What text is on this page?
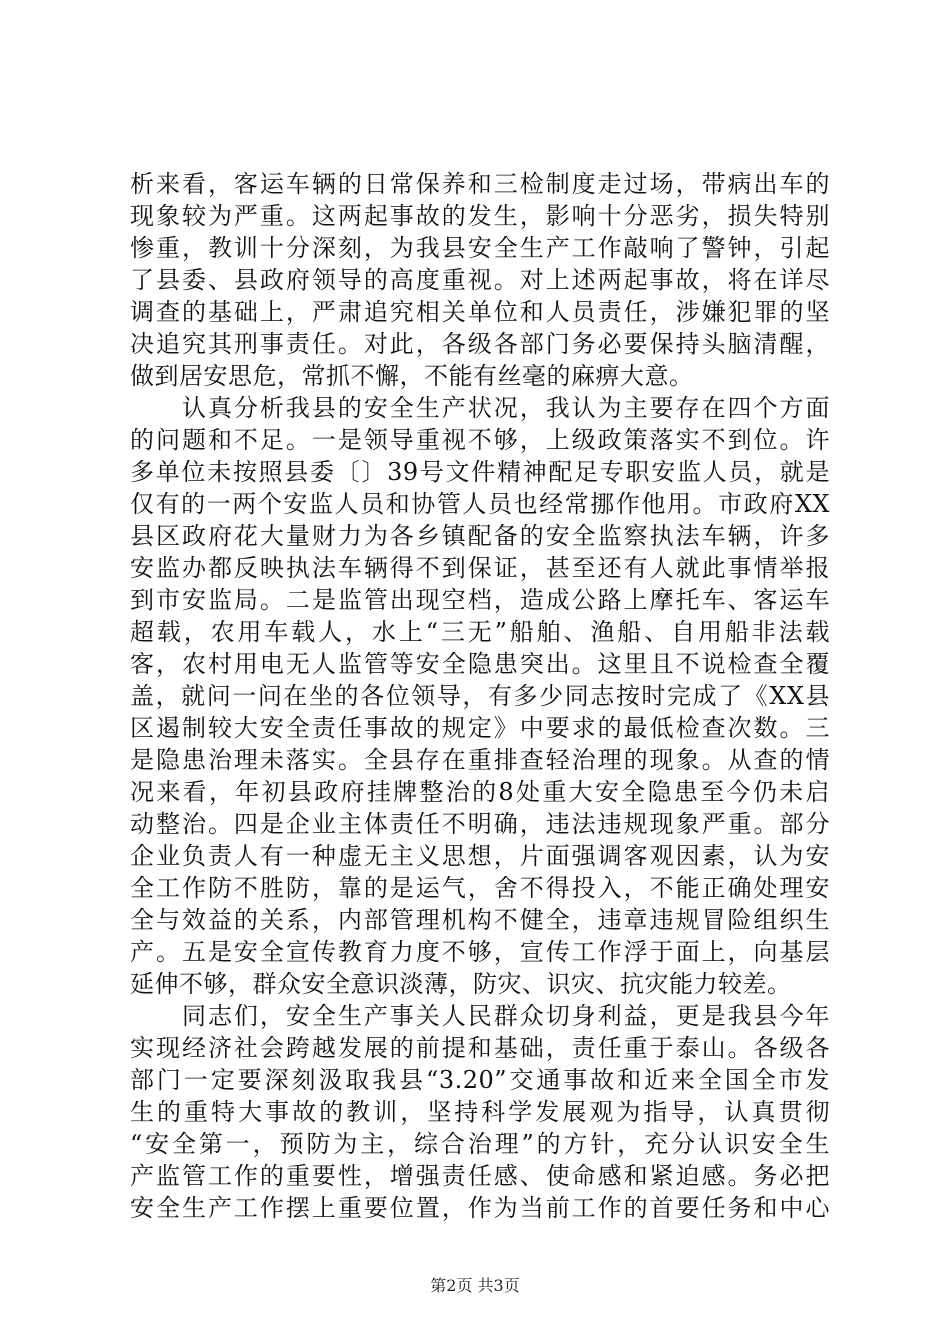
析来看，客运车辆的日常保养和三检制度走过场，带病出车的
现象较为严重。这两起事故的发生，影响十分恶劣，损失特别
惨重，教训十分深刻，为我县安全生产工作敲响了警钟，引起
了县委、县政府领导的高度重视。对上述两起事故，将在详尽
调查的基础上，严肃追究相关单位和人员责任，涉嫌犯罪的坚
决追究其刑事责任。对此，各级各部门务必要保持头脑清醒，
做到居安思危，常抓不懈，不能有丝毫的麻痹大意。
　　认真分析我县的安全生产状况，我认为主要存在四个方面
的问题和不足。一是领导重视不够，上级政策落实不到位。许
多单位未按照县委〔〕39号文件精神配足专职安监人员，就是
仅有的一两个安监人员和协管人员也经常挪作他用。市政府XX
县区政府花大量财力为各乡镇配备的安全监察执法车辆，许多
安监办都反映执法车辆得不到保证，甚至还有人就此事情举报
到市安监局。二是监管出现空档，造成公路上摩托车、客运车
超载，农用车载人，水上“三无”船舶、渔船、自用船非法载
客，农村用电无人监管等安全隐患突出。这里且不说检查全覆
盖，就问一问在坐的各位领导，有多少同志按时完成了《XX县
区遏制较大安全责任事故的规定》中要求的最低检查次数。三
是隐患治理未落实。全县存在重排查轻治理的现象。从查的情
况来看，年初县政府挂牌整治的8处重大安全隐患至今仍未启
动整治。四是企业主体责任不明确，违法违规现象严重。部分
企业负责人有一种虚无主义思想，片面强调客观因素，认为安
全工作防不胜防，靠的是运气，舍不得投入，不能正确处理安
全与效益的关系，内部管理机构不健全，违章违规冒险组织生
产。五是安全宣传教育力度不够，宣传工作浮于面上，向基层
延伸不够，群众安全意识淡薄，防灾、识灾、抗灾能力较差。
　　同志们，安全生产事关人民群众切身利益，更是我县今年
实现经济社会跨越发展的前提和基础，责任重于泰山。各级各
部门一定要深刻汲取我县“3.20”交通事故和近来全国全市发
生的重特大事故的教训，坚持科学发展观为指导，认真贯彻
“安全第一，预防为主，综合治理”的方针，充分认识安全生
产监管工作的重要性，增强责任感、使命感和紧迫感。务必把
安全生产工作摆上重要位置，作为当前工作的首要任务和中心
第2页 共3页
